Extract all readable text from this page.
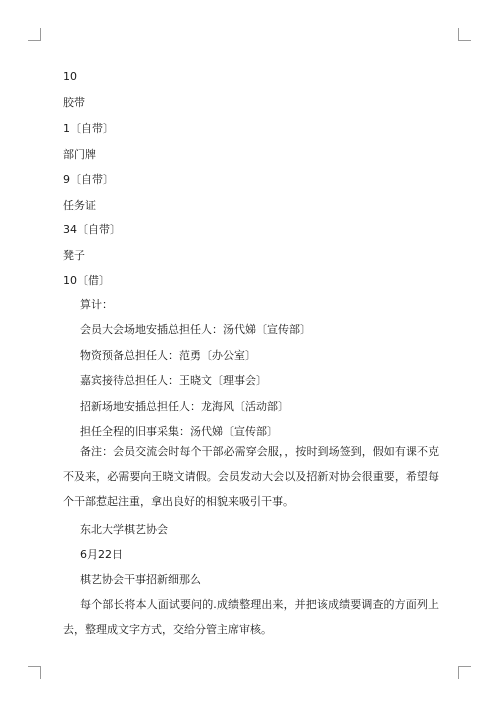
10
胶带
1〔自带〕
部门牌
9〔自带〕
任务证
34〔自带〕
凳子
10〔借〕
算计：
会员大会场地安插总担任人：汤代娣〔宣传部〕
物资预备总担任人：范勇〔办公室〕
嘉宾接待总担任人：王晓文〔理事会〕
招新场地安插总担任人：龙海风〔活动部〕
担任全程的旧事采集：汤代娣〔宣传部〕
备注：会员交流会时每个干部必需穿会服，，按时到场签到，假如有课不克不及来，必需要向王晓文请假。会员发动大会以及招新对协会很重要，希望每个干部惹起注重，拿出良好的相貌来吸引干事。
东北大学棋艺协会
6月22日
棋艺协会干事招新细那么
每个部长将本人面试要问的.成绩整理出来，并把该成绩要调查的方面列上去，整理成文字方式，交给分管主席审核。
